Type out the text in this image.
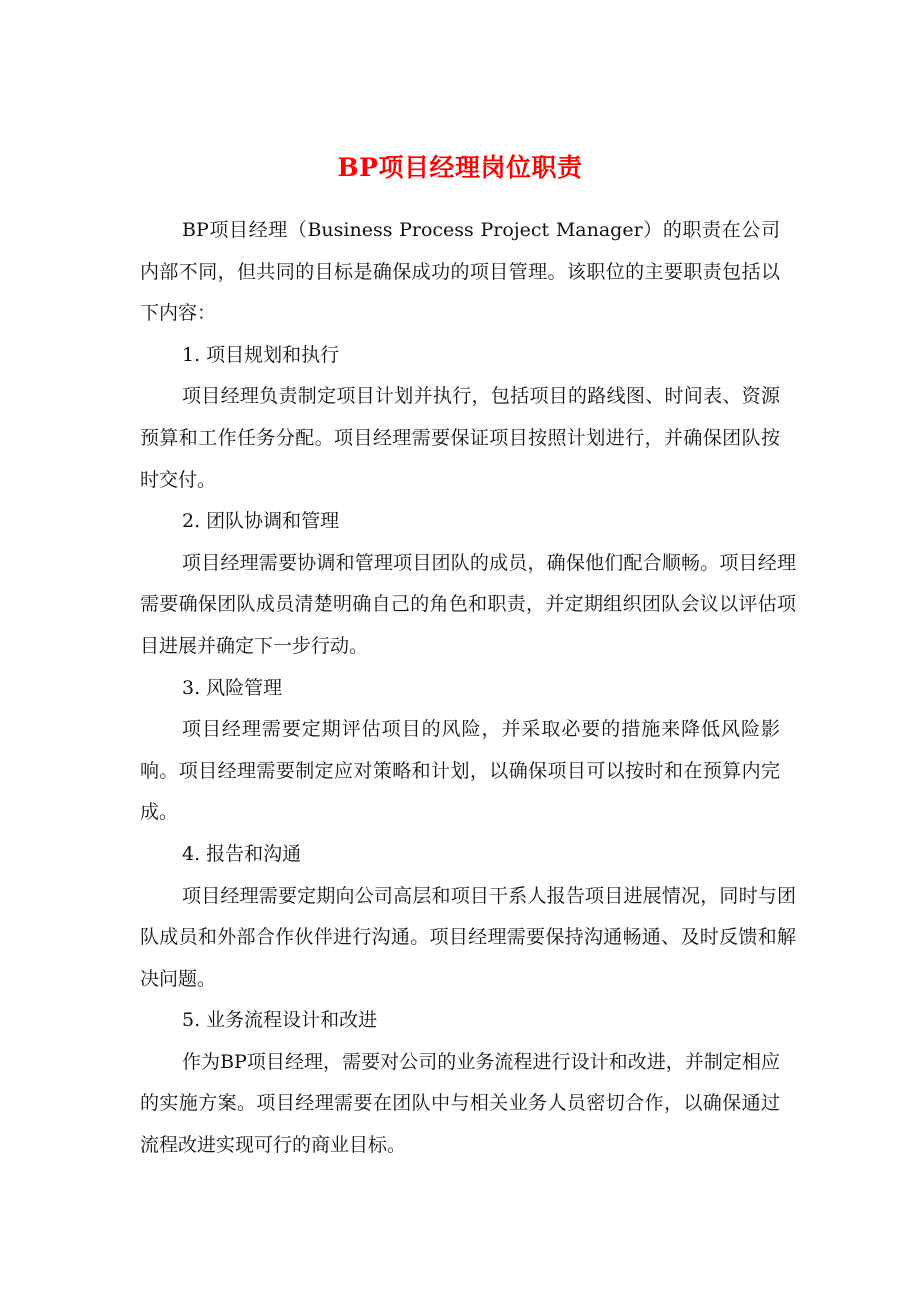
BP项目经理岗位职责

BP项目经理（Business Process Project Manager）的职责在公司内部不同，但共同的目标是确保成功的项目管理。该职位的主要职责包括以下内容：

1. 项目规划和执行

项目经理负责制定项目计划并执行，包括项目的路线图、时间表、资源预算和工作任务分配。项目经理需要保证项目按照计划进行，并确保团队按时交付。

2. 团队协调和管理

项目经理需要协调和管理项目团队的成员，确保他们配合顺畅。项目经理需要确保团队成员清楚明确自己的角色和职责，并定期组织团队会议以评估项目进展并确定下一步行动。

3. 风险管理

项目经理需要定期评估项目的风险，并采取必要的措施来降低风险影响。项目经理需要制定应对策略和计划，以确保项目可以按时和在预算内完成。

4. 报告和沟通

项目经理需要定期向公司高层和项目干系人报告项目进展情况，同时与团队成员和外部合作伙伴进行沟通。项目经理需要保持沟通畅通、及时反馈和解决问题。

5. 业务流程设计和改进

作为BP项目经理，需要对公司的业务流程进行设计和改进，并制定相应的实施方案。项目经理需要在团队中与相关业务人员密切合作，以确保通过流程改进实现可行的商业目标。
